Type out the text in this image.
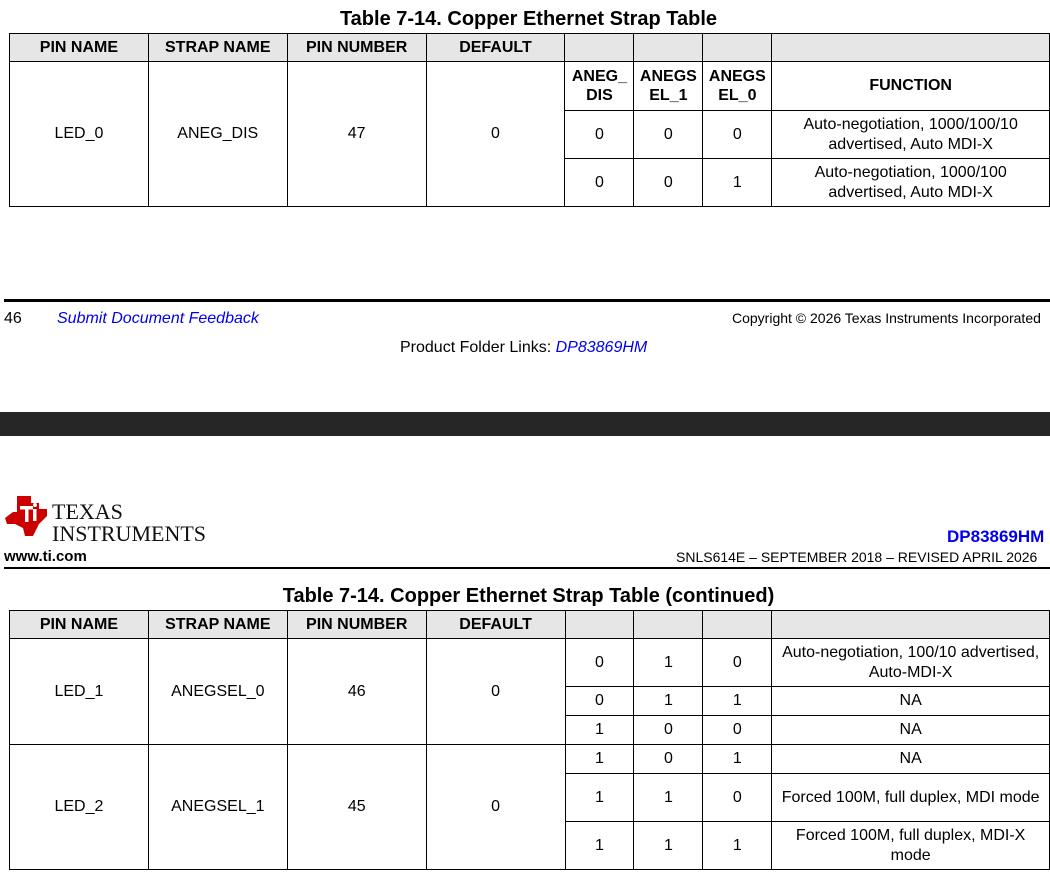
Table 7-14. Copper Ethernet Strap Table
PIN NAME	STRAP NAME	PIN NUMBER	DEFAULT				
LED_0	ANEG_DIS	47	0	ANEG_ DIS	ANEGS EL_1	ANEGS EL_0	FUNCTION
				0	0	0	Auto-negotiation, 1000/100/10 advertised, Auto MDI-X
				0	0	1	Auto-negotiation, 1000/100 advertised, Auto MDI-X
46 Submit Document Feedback	Copyright © 2026 Texas Instruments Incorporated
Product Folder Links: DP83869HM
TEXAS
INSTRUMENTS
www.ti.com
DP83869HM
SNLS614E – SEPTEMBER 2018 – REVISED APRIL 2026
Table 7-14. Copper Ethernet Strap Table (continued)
PIN NAME	STRAP NAME	PIN NUMBER	DEFAULT				
LED_1	ANEGSEL_0	46	0	0	1	0	Auto-negotiation, 100/10 advertised, Auto-MDI-X
				0	1	1	NA
				1	0	0	NA
LED_2	ANEGSEL_1	45	0	1	0	1	NA
				1	1	0	Forced 100M, full duplex, MDI mode
				1	1	1	Forced 100M, full duplex, MDI-X mode
